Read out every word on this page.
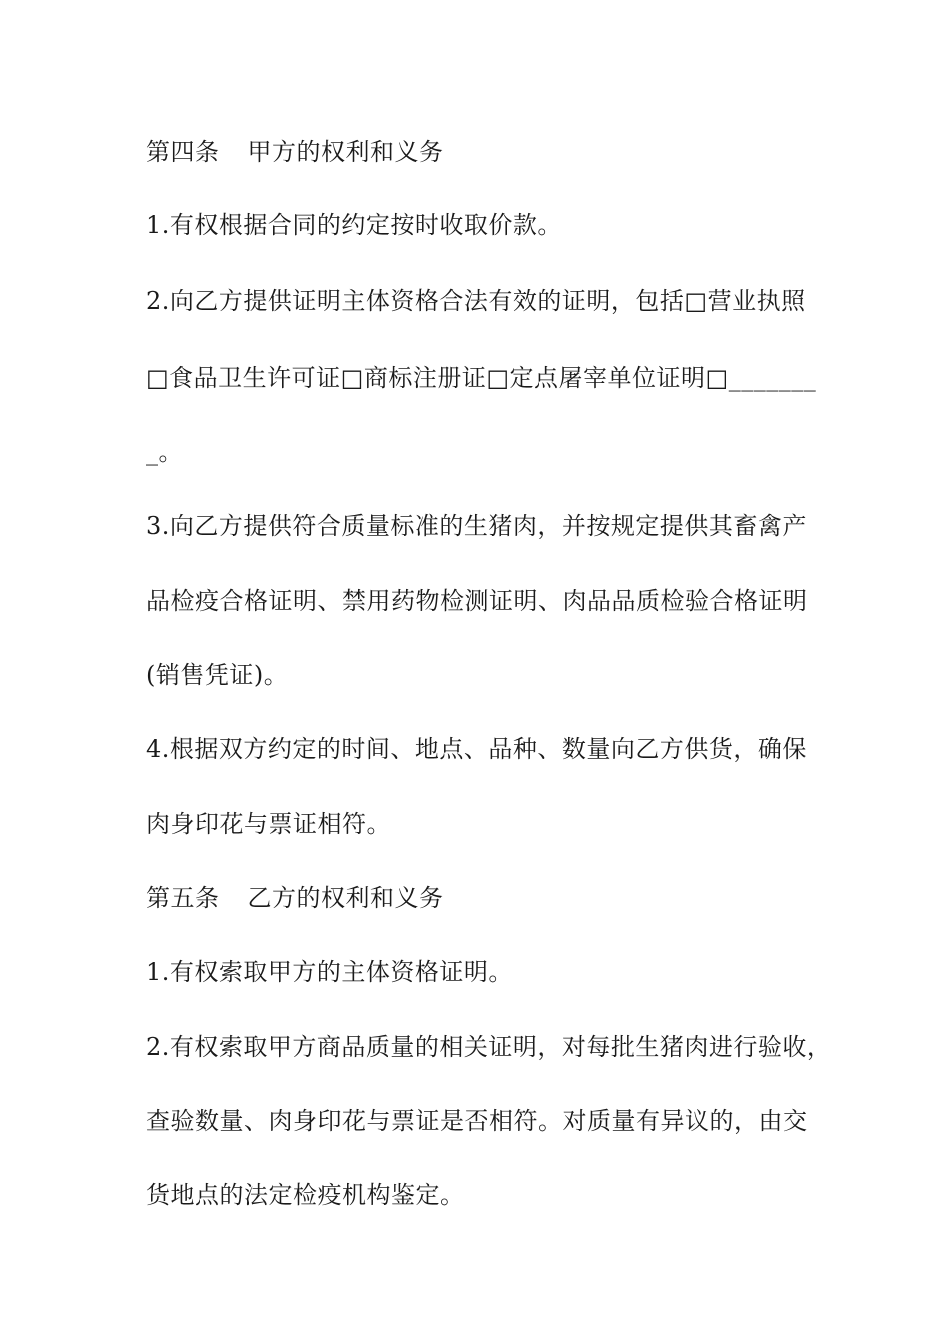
第四条 甲方的权利和义务
1.有权根据合同的约定按时收取价款。
2.向乙方提供证明主体资格合法有效的证明，包括□营业执照
□食品卫生许可证□商标注册证□定点屠宰单位证明□_______
_。
3.向乙方提供符合质量标准的生猪肉，并按规定提供其畜禽产
品检疫合格证明、禁用药物检测证明、肉品品质检验合格证明
(销售凭证)。
4.根据双方约定的时间、地点、品种、数量向乙方供货，确保
肉身印花与票证相符。
第五条 乙方的权利和义务
1.有权索取甲方的主体资格证明。
2.有权索取甲方商品质量的相关证明，对每批生猪肉进行验收，
查验数量、肉身印花与票证是否相符。对质量有异议的，由交
货地点的法定检疫机构鉴定。
